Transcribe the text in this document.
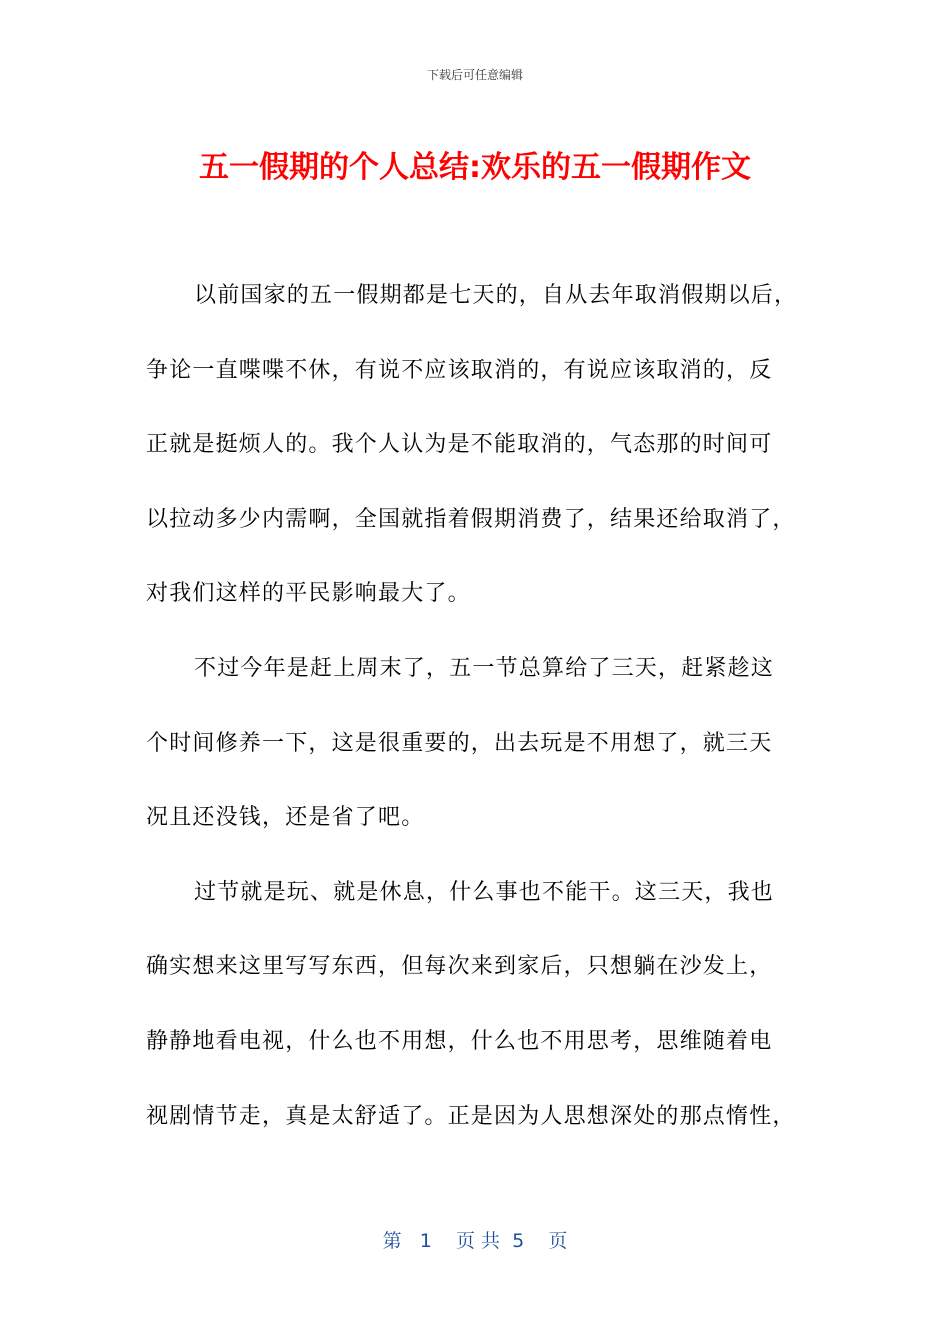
下载后可任意编辑
五一假期的个人总结:欢乐的五一假期作文
以前国家的五一假期都是七天的，自从去年取消假期以后，
争论一直喋喋不休，有说不应该取消的，有说应该取消的，反
正就是挺烦人的。我个人认为是不能取消的，气态那的时间可
以拉动多少内需啊，全国就指着假期消费了，结果还给取消了，
对我们这样的平民影响最大了。
不过今年是赶上周末了，五一节总算给了三天，赶紧趁这
个时间修养一下，这是很重要的，出去玩是不用想了，就三天
况且还没钱，还是省了吧。
过节就是玩、就是休息，什么事也不能干。这三天，我也
确实想来这里写写东西，但每次来到家后，只想躺在沙发上，
静静地看电视，什么也不用想，什么也不用思考，思维随着电
视剧情节走，真是太舒适了。正是因为人思想深处的那点惰性，
第   1    页 共  5    页
